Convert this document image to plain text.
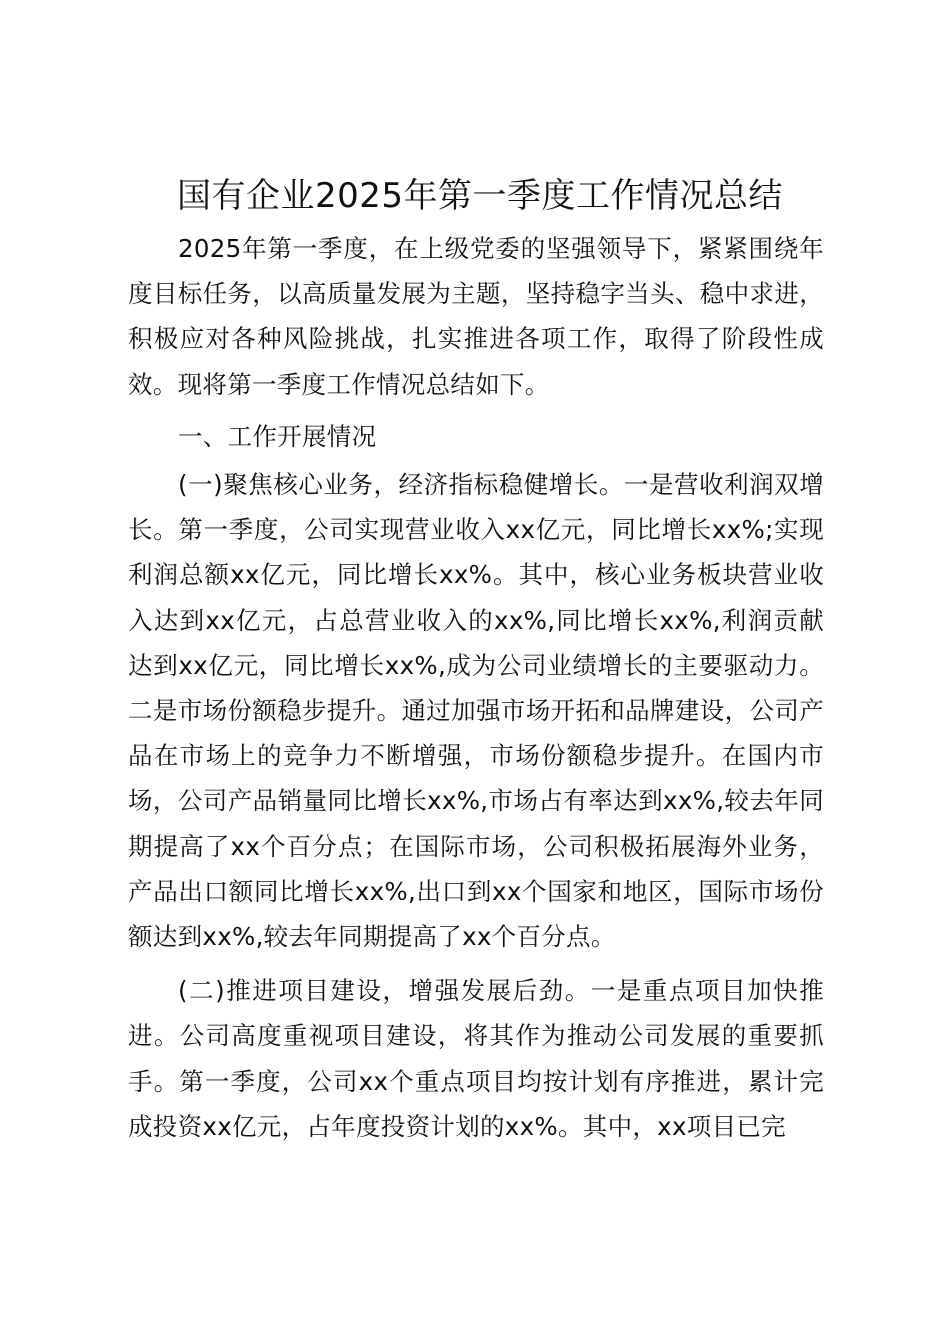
国有企业2025年第一季度工作情况总结

2025年第一季度，在上级党委的坚强领导下，紧紧围绕年度目标任务，以高质量发展为主题，坚持稳字当头、稳中求进，积极应对各种风险挑战，扎实推进各项工作，取得了阶段性成效。现将第一季度工作情况总结如下。

一、工作开展情况

(一)聚焦核心业务，经济指标稳健增长。一是营收利润双增长。第一季度，公司实现营业收入xx亿元，同比增长xx%;实现利润总额xx亿元，同比增长xx%。其中，核心业务板块营业收入达到xx亿元，占总营业收入的xx%,同比增长xx%,利润贡献达到xx亿元，同比增长xx%,成为公司业绩增长的主要驱动力。二是市场份额稳步提升。通过加强市场开拓和品牌建设，公司产品在市场上的竞争力不断增强，市场份额稳步提升。在国内市场，公司产品销量同比增长xx%,市场占有率达到xx%,较去年同期提高了xx个百分点；在国际市场，公司积极拓展海外业务，产品出口额同比增长xx%,出口到xx个国家和地区，国际市场份额达到xx%,较去年同期提高了xx个百分点。

(二)推进项目建设，增强发展后劲。一是重点项目加快推进。公司高度重视项目建设，将其作为推动公司发展的重要抓手。第一季度，公司xx个重点项目均按计划有序推进，累计完成投资xx亿元，占年度投资计划的xx%。其中，xx项目已完
